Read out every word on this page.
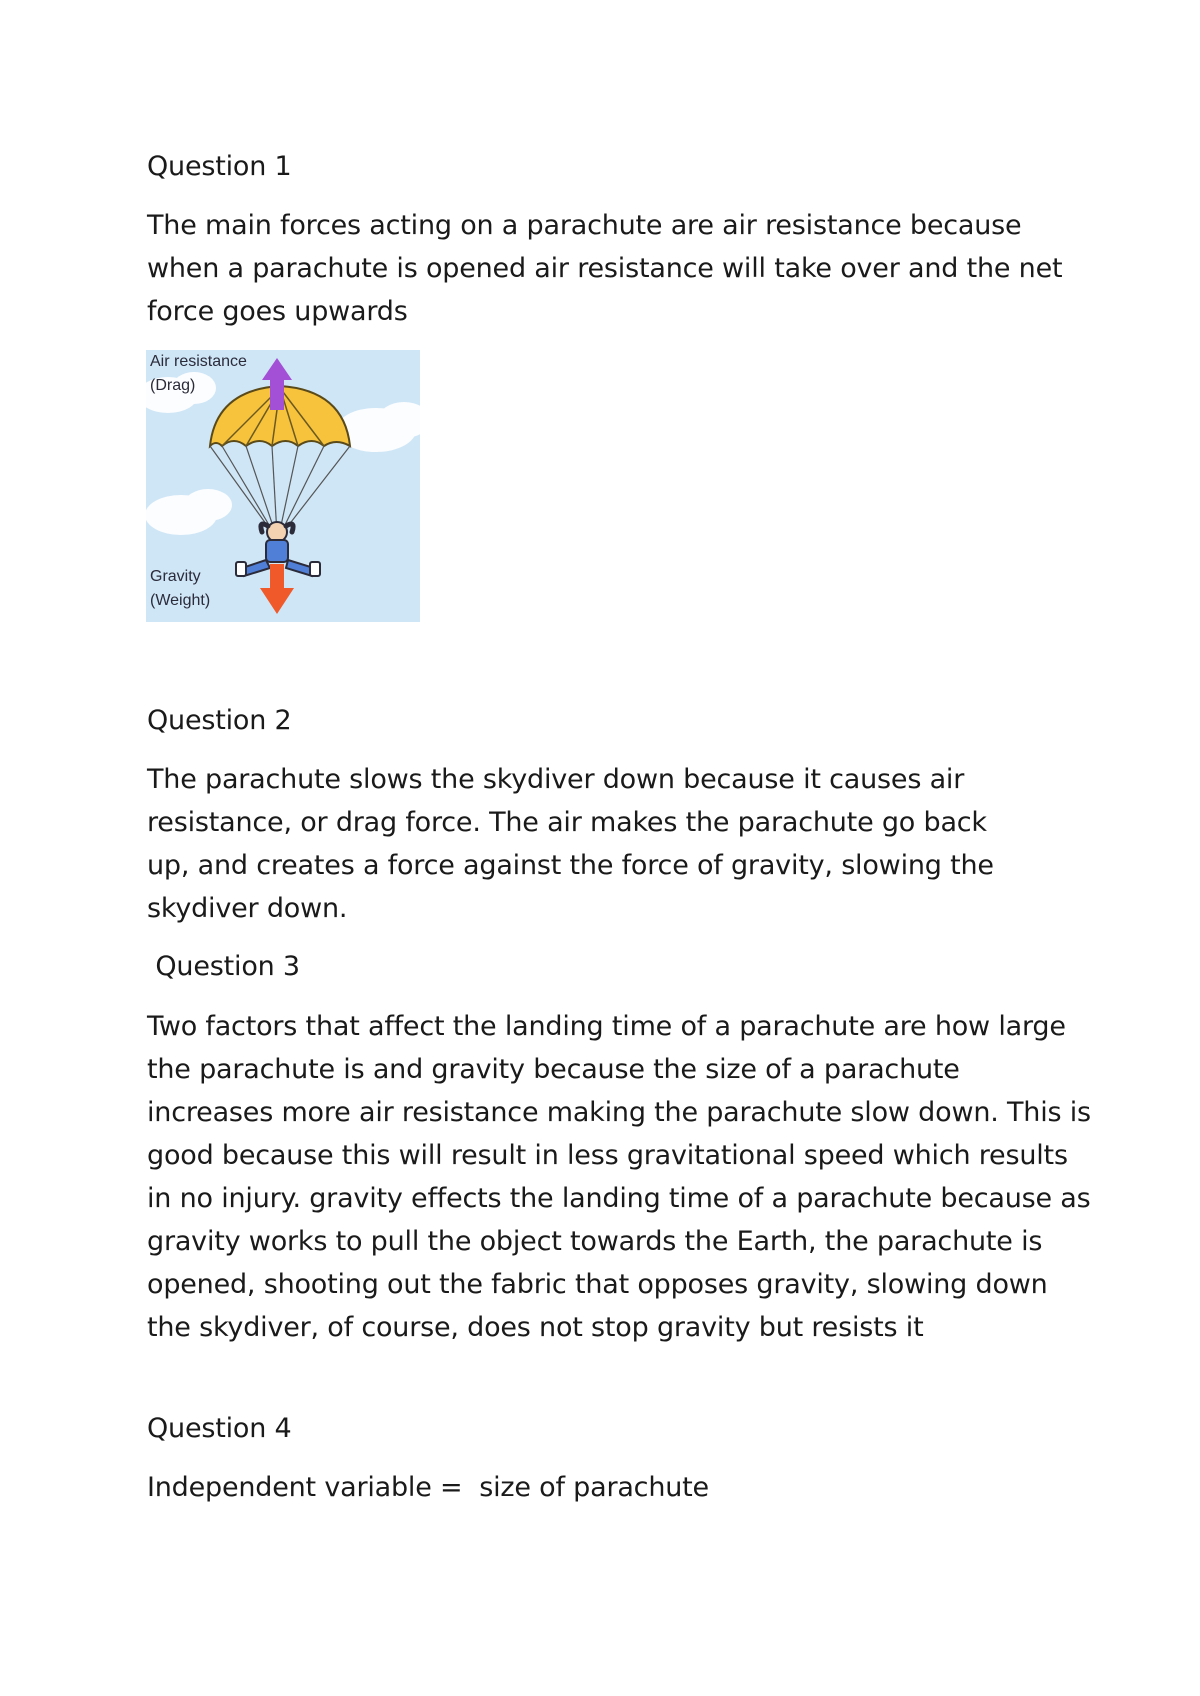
Question 1
The main forces acting on a parachute are air resistance because when a parachute is opened air resistance will take over and the net force goes upwards
Air resistance
(Drag)
Gravity
(Weight)
Question 2
The parachute slows the skydiver down because it causes air resistance, or drag force. The air makes the parachute go back up, and creates a force against the force of gravity, slowing the skydiver down.
Question 3
Two factors that affect the landing time of a parachute are how large the parachute is and gravity because the size of a parachute increases more air resistance making the parachute slow down. This is good because this will result in less gravitational speed which results in no injury. gravity effects the landing time of a parachute because as gravity works to pull the object towards the Earth, the parachute is opened, shooting out the fabric that opposes gravity, slowing down the skydiver, of course, does not stop gravity but resists it
Question 4
Independent variable =  size of parachute
